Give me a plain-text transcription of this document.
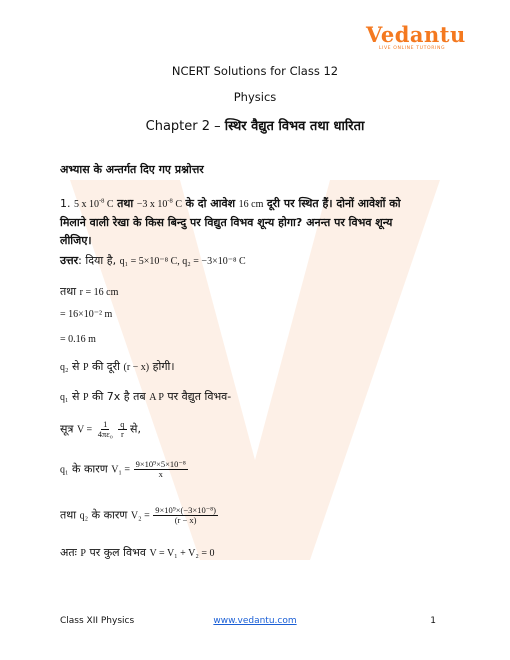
Vedantu
LIVE ONLINE TUTORING
NCERT Solutions for Class 12
Physics
Chapter 2 – स्थिर वैद्युत विभव तथा धारिता
अभ्यास के अन्तर्गत दिए गए प्रश्नोत्तर
1. 5 x $10^{-8}$ C तथा −3 x $10^{-8}$ C के दो आवेश 16 cm दूरी पर स्थित हैं। दोनों आवेशों को
मिलाने वाली रेखा के किस बिन्दु पर विद्युत विभव शून्य होगा? अनन्त पर विभव शून्य
लीजिए।
उत्तर: दिया है, q₁ = 5×10⁻⁸ C, q₂ = −3×10⁻⁸ C
तथा r = 16 cm
= 16×10⁻² m
= 0.16 m
q₂ से P की दूरी (r − x) होगी।
q₁ से P की 7x है तब A P पर वैद्युत विभव-
सूत्र $V = \frac{1}{\text{4πε₀}}$
$\frac{q}{r}$ से,
q₁ के कारण $V_1 = \frac{\text{9×10⁹×5×10⁻⁸}}{x}$
तथा q₂ के कारण $V_2 = \frac{\text{9×10⁹×(−3×10⁻⁸)}}{(r - x)}$
अतः P पर कुल विभव V = V₁ + V₂ = 0
Class XII Physics	www.vedantu.com	1
